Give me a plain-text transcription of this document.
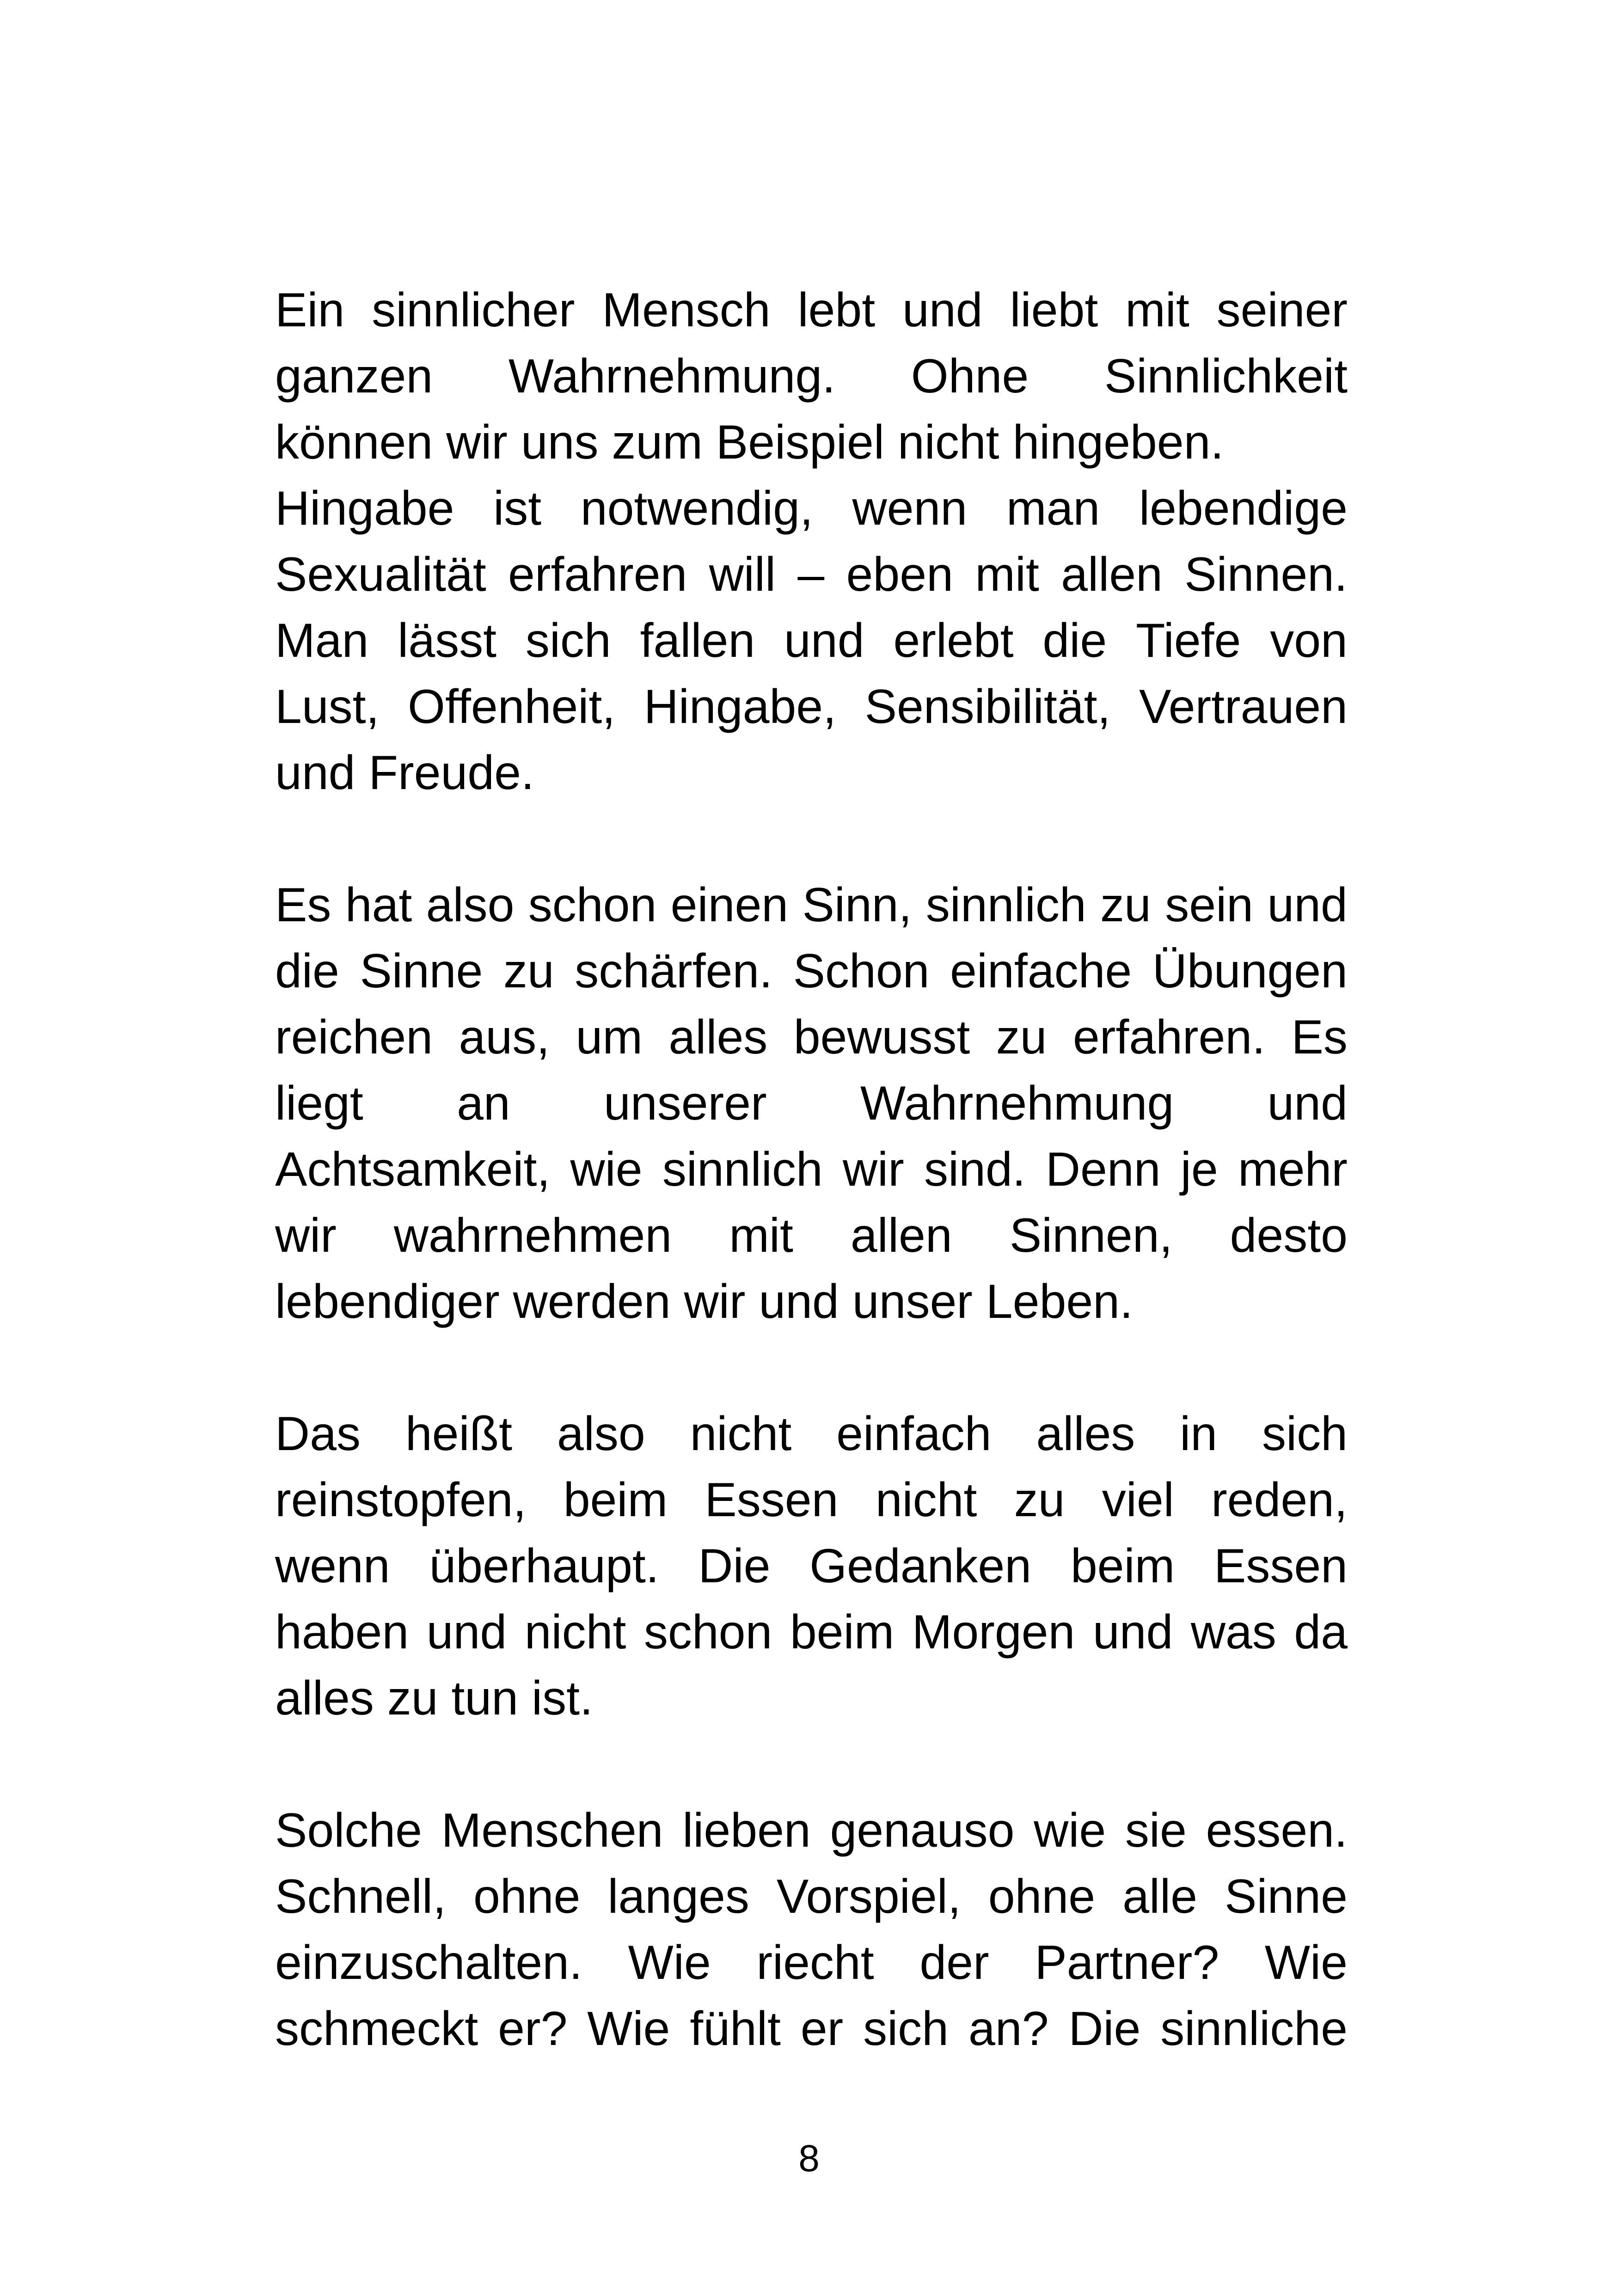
Ein sinnlicher Mensch lebt und liebt mit seiner
ganzen Wahrnehmung. Ohne Sinnlichkeit
können wir uns zum Beispiel nicht hingeben.
Hingabe ist notwendig, wenn man lebendige
Sexualität erfahren will – eben mit allen Sinnen.
Man lässt sich fallen und erlebt die Tiefe von
Lust, Offenheit, Hingabe, Sensibilität, Vertrauen
und Freude.

Es hat also schon einen Sinn, sinnlich zu sein und
die Sinne zu schärfen. Schon einfache Übungen
reichen aus, um alles bewusst zu erfahren. Es
liegt an unserer Wahrnehmung und
Achtsamkeit, wie sinnlich wir sind. Denn je mehr
wir wahrnehmen mit allen Sinnen, desto
lebendiger werden wir und unser Leben.

Das heißt also nicht einfach alles in sich
reinstopfen, beim Essen nicht zu viel reden,
wenn überhaupt. Die Gedanken beim Essen
haben und nicht schon beim Morgen und was da
alles zu tun ist.

Solche Menschen lieben genauso wie sie essen.
Schnell, ohne langes Vorspiel, ohne alle Sinne
einzuschalten. Wie riecht der Partner? Wie
schmeckt er? Wie fühlt er sich an? Die sinnliche

8
